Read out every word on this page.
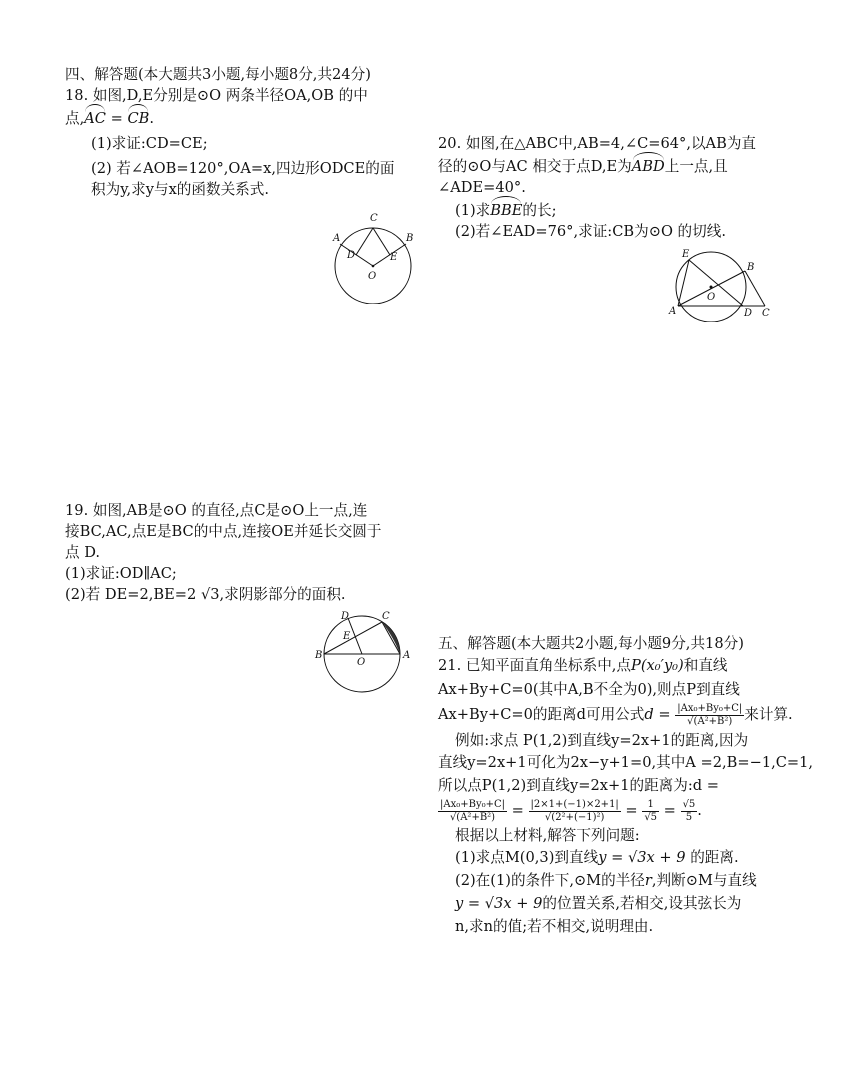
四、解答题(本大题共3小题,每小题8分,共24分)
18. 如图,D,E分别是⊙O 两条半径OA,OB 的中
点,AC = CB.
(1)求证:CD=CE;
(2) 若∠AOB=120°,OA=x,四边形ODCE的面
积为y,求y与x的函数关系式.
A
C
B
D
O
E
19. 如图,AB是⊙O 的直径,点C是⊙O上一点,连
接BC,AC,点E是BC的中点,连接OE并延长交圆于
点 D.
(1)求证:OD∥AC;
(2)若 DE=2,BE=2 √3,求阴影部分的面积.
D	C
E
B
O
A
20. 如图,在△ABC中,AB=4,∠C=64°,以AB为直
径的⊙O与AC 相交于点D,E为ABD上一点,且
∠ADE=40°.
(1)求BBE的长;
(2)若∠EAD=76°,求证:CB为⊙O 的切线.
E
B
O
A	D C
五、解答题(本大题共2小题,每小题9分,共18分)
21. 已知平面直角坐标系中,点P(x₀′y₀)和直线
Ax+By+C=0(其中A,B不全为0),则点P到直线
Ax+By+C=0的距离d可用公式$d = \frac{\text{|Ax₀+By₀+C|}}{\text{√(A²+B²)}}$ 来计算.
例如:求点 P(1,2)到直线y=2x+1的距离,因为
直线y=2x+1可化为2x−y+1=0,其中A =2,B=−1,C=1,
所以点P(1,2)到直线y=2x+1的距离为:d =
$\frac{\text{|Ax₀+By₀+C|}}{\text{√(A²+B²)}} = \frac{|2\times 1+(-1)\times 2+1|}{\text{√(2²+(−1)²)}} = \frac{1}{√5} = \frac{√5}{5}$ .
根据以上材料,解答下列问题:
(1)求点M(0,3)到直线y = √3x + 9 的距离.
(2)在(1)的条件下,⊙M的半径r,判断⊙M与直线
y = √3x + 9的位置关系,若相交,设其弦长为
n,求n的值;若不相交,说明理由.
